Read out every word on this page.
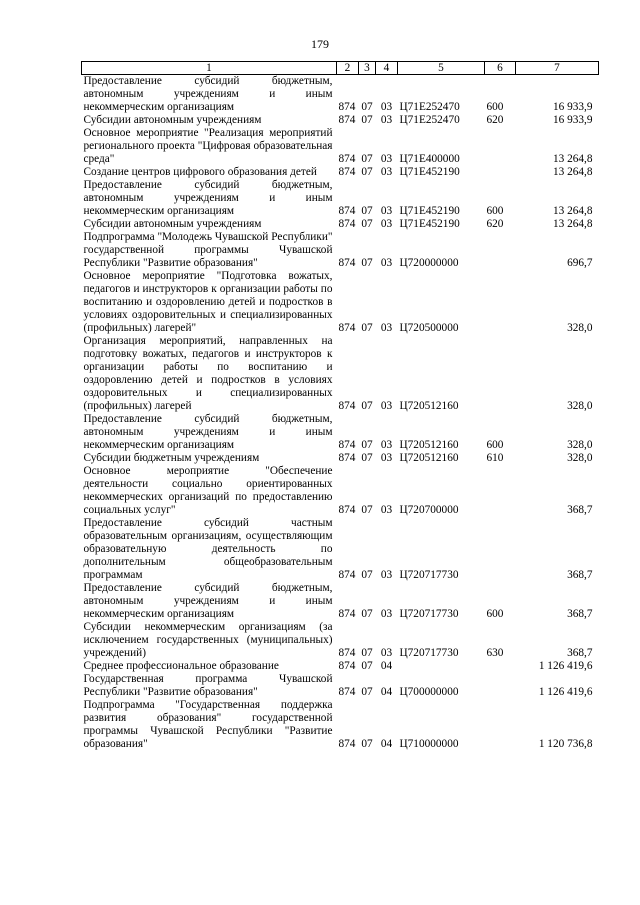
179
1	2	3	4	5	6	7
Предоставление субсидий бюджетным, автономным учреждениям и иным некоммерческим организациям	874	07	03	Ц71Е252470	600	16 933,9
Субсидии автономным учреждениям	874	07	03	Ц71Е252470	620	16 933,9
Основное мероприятие "Реализация мероприятий регионального проекта "Цифровая образовательная среда"	874	07	03	Ц71Е400000		13 264,8
Создание центров цифрового образования детей	874	07	03	Ц71Е452190		13 264,8
Предоставление субсидий бюджетным, автономным учреждениям и иным некоммерческим организациям	874	07	03	Ц71Е452190	600	13 264,8
Субсидии автономным учреждениям	874	07	03	Ц71Е452190	620	13 264,8
Подпрограмма "Молодежь Чувашской Республики" государственной программы Чувашской Республики "Развитие образования"	874	07	03	Ц720000000		696,7
Основное мероприятие "Подготовка вожатых, педагогов и инструкторов к организации работы по воспитанию и оздоровлению детей и подростков в условиях оздоровительных и специализированных (профильных) лагерей"	874	07	03	Ц720500000		328,0
Организация мероприятий, направленных на подготовку вожатых, педагогов и инструкторов к организации работы по воспитанию и оздоровлению детей и подростков в условиях оздоровительных и специализированных (профильных) лагерей	874	07	03	Ц720512160		328,0
Предоставление субсидий бюджетным, автономным учреждениям и иным некоммерческим организациям	874	07	03	Ц720512160	600	328,0
Субсидии бюджетным учреждениям	874	07	03	Ц720512160	610	328,0
Основное мероприятие "Обеспечение деятельности социально ориентированных некоммерческих организаций по предоставлению социальных услуг"	874	07	03	Ц720700000		368,7
Предоставление субсидий частным образовательным организациям, осуществляющим образовательную деятельность по дополнительным общеобразовательным программам	874	07	03	Ц720717730		368,7
Предоставление субсидий бюджетным, автономным учреждениям и иным некоммерческим организациям	874	07	03	Ц720717730	600	368,7
Субсидии некоммерческим организациям (за исключением государственных (муниципальных) учреждений)	874	07	03	Ц720717730	630	368,7
Среднее профессиональное образование	874	07	04			1 126 419,6
Государственная программа Чувашской Республики "Развитие образования"	874	07	04	Ц700000000		1 126 419,6
Подпрограмма "Государственная поддержка развития образования" государственной программы Чувашской Республики "Развитие образования"	874	07	04	Ц710000000		1 120 736,8
